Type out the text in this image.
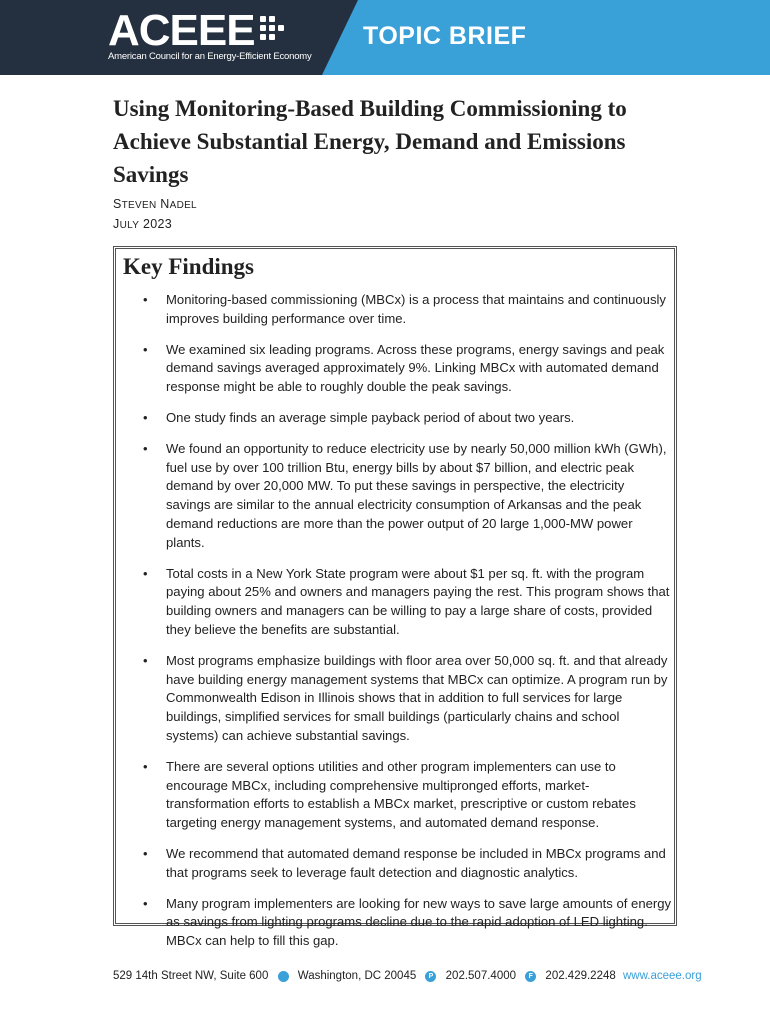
ACEEE
American Council for an Energy-Efficient Economy
TOPIC BRIEF
Using Monitoring-Based Building Commissioning to Achieve Substantial Energy, Demand and Emissions Savings
STEVEN NADEL
JULY 2023
Key Findings
• Monitoring-based commissioning (MBCx) is a process that maintains and continuously improves building performance over time.
• We examined six leading programs. Across these programs, energy savings and peak demand savings averaged approximately 9%. Linking MBCx with automated demand response might be able to roughly double the peak savings.
• One study finds an average simple payback period of about two years.
• We found an opportunity to reduce electricity use by nearly 50,000 million kWh (GWh), fuel use by over 100 trillion Btu, energy bills by about $7 billion, and electric peak demand by over 20,000 MW. To put these savings in perspective, the electricity savings are similar to the annual electricity consumption of Arkansas and the peak demand reductions are more than the power output of 20 large 1,000-MW power plants.
• Total costs in a New York State program were about $1 per sq. ft. with the program paying about 25% and owners and managers paying the rest. This program shows that building owners and managers can be willing to pay a large share of costs, provided they believe the benefits are substantial.
• Most programs emphasize buildings with floor area over 50,000 sq. ft. and that already have building energy management systems that MBCx can optimize. A program run by Commonwealth Edison in Illinois shows that in addition to full services for large buildings, simplified services for small buildings (particularly chains and school systems) can achieve substantial savings.
• There are several options utilities and other program implementers can use to encourage MBCx, including comprehensive multipronged efforts, market-transformation efforts to establish a MBCx market, prescriptive or custom rebates targeting energy management systems, and automated demand response.
• We recommend that automated demand response be included in MBCx programs and that programs seek to leverage fault detection and diagnostic analytics.
• Many program implementers are looking for new ways to save large amounts of energy as savings from lighting programs decline due to the rapid adoption of LED lighting. MBCx can help to fill this gap.
529 14th Street NW, Suite 600	Washington, DC 20045 P 202.507.4000 F 202.429.2248 www.aceee.org
